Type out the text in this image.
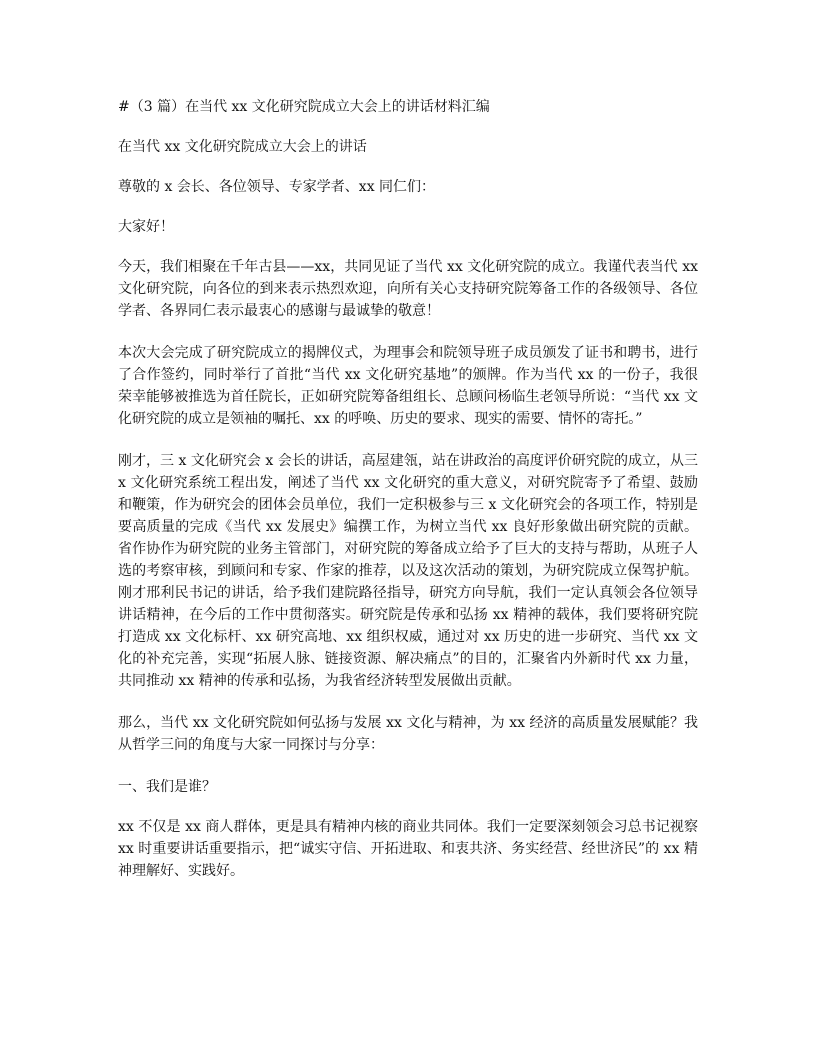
#（3 篇）在当代 xx 文化研究院成立大会上的讲话材料汇编

在当代 xx 文化研究院成立大会上的讲话

尊敬的 x 会长、各位领导、专家学者、xx 同仁们：

大家好！

今天，我们相聚在千年古县——xx，共同见证了当代 xx 文化研究院的成立。我谨代表当代 xx 文化研究院，向各位的到来表示热烈欢迎，向所有关心支持研究院筹备工作的各级领导、各位学者、各界同仁表示最衷心的感谢与最诚挚的敬意！

本次大会完成了研究院成立的揭牌仪式，为理事会和院领导班子成员颁发了证书和聘书，进行了合作签约，同时举行了首批“当代 xx 文化研究基地”的颁牌。作为当代 xx 的一份子，我很荣幸能够被推选为首任院长，正如研究院筹备组组长、总顾问杨临生老领导所说：“当代 xx 文化研究院的成立是领袖的嘱托、xx 的呼唤、历史的要求、现实的需要、情怀的寄托。”

刚才，三 x 文化研究会 x 会长的讲话，高屋建瓴，站在讲政治的高度评价研究院的成立，从三 x 文化研究系统工程出发，阐述了当代 xx 文化研究的重大意义，对研究院寄予了希望、鼓励和鞭策，作为研究会的团体会员单位，我们一定积极参与三 x 文化研究会的各项工作，特别是要高质量的完成《当代 xx 发展史》编撰工作，为树立当代 xx 良好形象做出研究院的贡献。省作协作为研究院的业务主管部门，对研究院的筹备成立给予了巨大的支持与帮助，从班子人选的考察审核，到顾问和专家、作家的推荐，以及这次活动的策划，为研究院成立保驾护航。刚才邢利民书记的讲话，给予我们建院路径指导，研究方向导航，我们一定认真领会各位领导讲话精神，在今后的工作中贯彻落实。研究院是传承和弘扬 xx 精神的载体，我们要将研究院打造成 xx 文化标杆、xx 研究高地、xx 组织权威，通过对 xx 历史的进一步研究、当代 xx 文化的补充完善，实现“拓展人脉、链接资源、解决痛点”的目的，汇聚省内外新时代 xx 力量，共同推动 xx 精神的传承和弘扬，为我省经济转型发展做出贡献。

那么，当代 xx 文化研究院如何弘扬与发展 xx 文化与精神，为 xx 经济的高质量发展赋能？我从哲学三问的角度与大家一同探讨与分享：

一、我们是谁？

xx 不仅是 xx 商人群体，更是具有精神内核的商业共同体。我们一定要深刻领会习总书记视察 xx 时重要讲话重要指示，把“诚实守信、开拓进取、和衷共济、务实经营、经世济民”的 xx 精神理解好、实践好。
